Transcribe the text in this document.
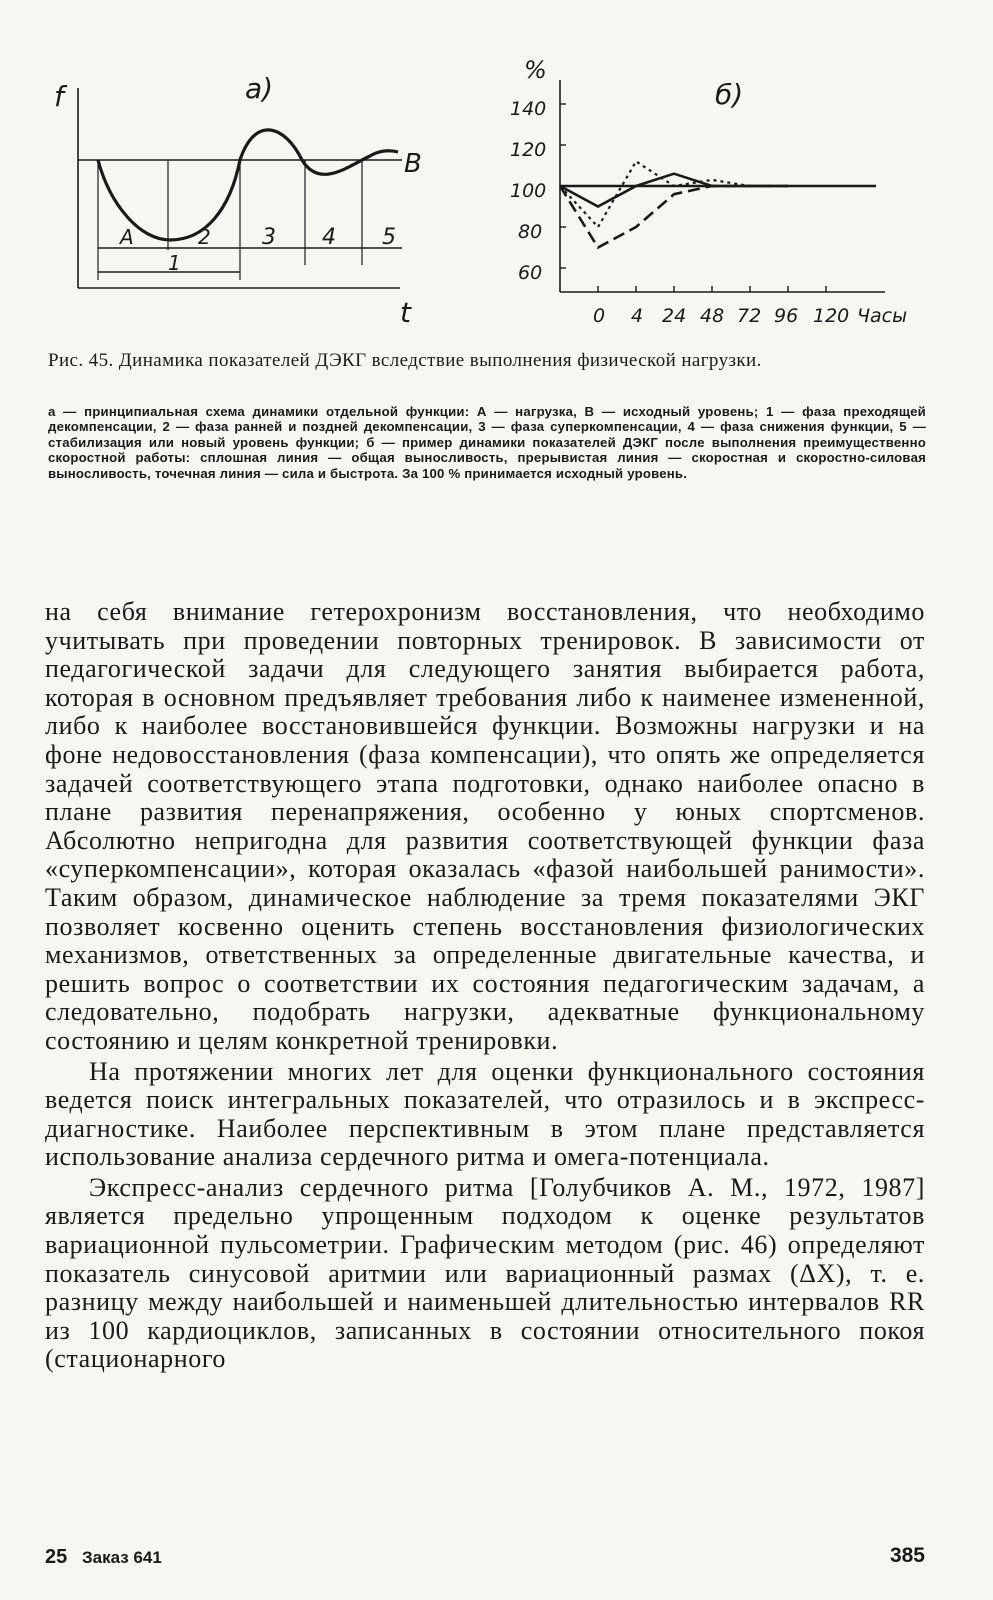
f	а)
t
B
A	2 3 4 5
1
%
б)
140
120
100
80
60
0 4 24 48 72 96 120 Часы
Рис. 45. Динамика показателей ДЭКГ вследствие выполнения физической нагрузки.
а — принципиальная схема динамики отдельной функции: А — нагрузка, В — исходный уровень; 1 — фаза преходящей декомпенсации, 2 — фаза ранней и поздней декомпенсации, 3 — фаза суперкомпенсации, 4 — фаза снижения функции, 5 — стабилизация или новый уровень функции; б — пример динамики показателей ДЭКГ после выполнения преимущественно скоростной работы: сплошная линия — общая выносливость, прерывистая линия — скоростная и скоростно-силовая выносливость, точечная линия — сила и быстрота. За 100 % принимается исходный уровень.

на себя внимание гетерохронизм восстановления, что необходимо учитывать при проведении повторных тренировок. В зависимости от педагогической задачи для следующего занятия выбирается работа, которая в основном предъявляет требования либо к наименее измененной, либо к наиболее восстановившейся функции. Возможны нагрузки и на фоне недовосстановления (фаза компенсации), что опять же определяется задачей соответствующего этапа подготовки, однако наиболее опасно в плане развития перенапряжения, особенно у юных спортсменов. Абсолютно непригодна для развития соответствующей функции фаза «суперкомпенсации», которая оказалась «фазой наибольшей ранимости». Таким образом, динамическое наблюдение за тремя показателями ЭКГ позволяет косвенно оценить степень восстановления физиологических механизмов, ответственных за определенные двигательные качества, и решить вопрос о соответствии их состояния педагогическим задачам, а следовательно, подобрать нагрузки, адекватные функциональному состоянию и целям конкретной тренировки.

На протяжении многих лет для оценки функционального состояния ведется поиск интегральных показателей, что отразилось и в экспресс-диагностике. Наиболее перспективным в этом плане представляется использование анализа сердечного ритма и омега-потенциала.

Экспресс-анализ сердечного ритма [Голубчиков А. М., 1972, 1987] является предельно упрощенным подходом к оценке результатов вариационной пульсометрии. Графическим методом (рис. 46) определяют показатель синусовой аритмии или вариационный размах (ΔX), т. е. разницу между наибольшей и наименьшей длительностью интервалов RR из 100 кардиоциклов, записанных в состоянии относительного покоя (стационарного

25 Заказ 641	385
